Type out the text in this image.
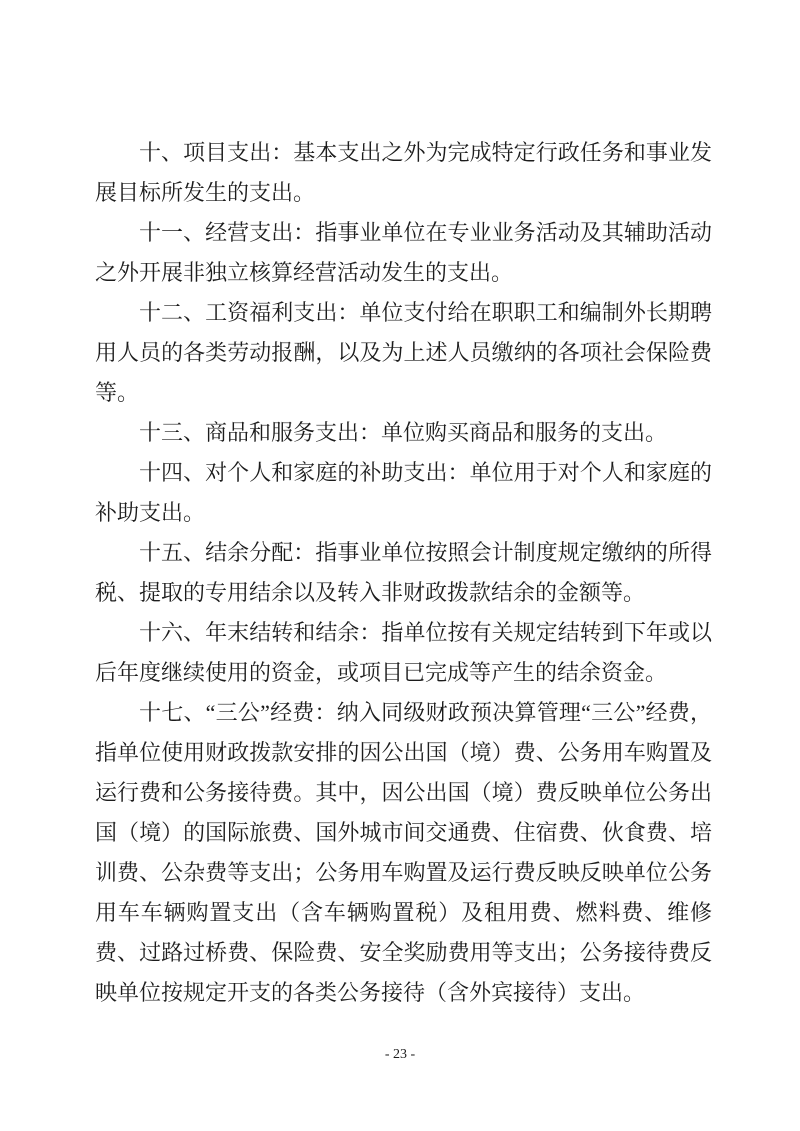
十、项目支出：基本支出之外为完成特定行政任务和事业发展目标所发生的支出。

十一、经营支出：指事业单位在专业业务活动及其辅助活动之外开展非独立核算经营活动发生的支出。

十二、工资福利支出：单位支付给在职职工和编制外长期聘用人员的各类劳动报酬，以及为上述人员缴纳的各项社会保险费等。

十三、商品和服务支出：单位购买商品和服务的支出。

十四、对个人和家庭的补助支出：单位用于对个人和家庭的补助支出。

十五、结余分配：指事业单位按照会计制度规定缴纳的所得税、提取的专用结余以及转入非财政拨款结余的金额等。

十六、年末结转和结余：指单位按有关规定结转到下年或以后年度继续使用的资金，或项目已完成等产生的结余资金。

十七、“三公”经费：纳入同级财政预决算管理“三公”经费，指单位使用财政拨款安排的因公出国（境）费、公务用车购置及运行费和公务接待费。其中，因公出国（境）费反映单位公务出国（境）的国际旅费、国外城市间交通费、住宿费、伙食费、培训费、公杂费等支出；公务用车购置及运行费反映反映单位公务用车车辆购置支出（含车辆购置税）及租用费、燃料费、维修费、过路过桥费、保险费、安全奖励费用等支出；公务接待费反映单位按规定开支的各类公务接待（含外宾接待）支出。

- 23 -
